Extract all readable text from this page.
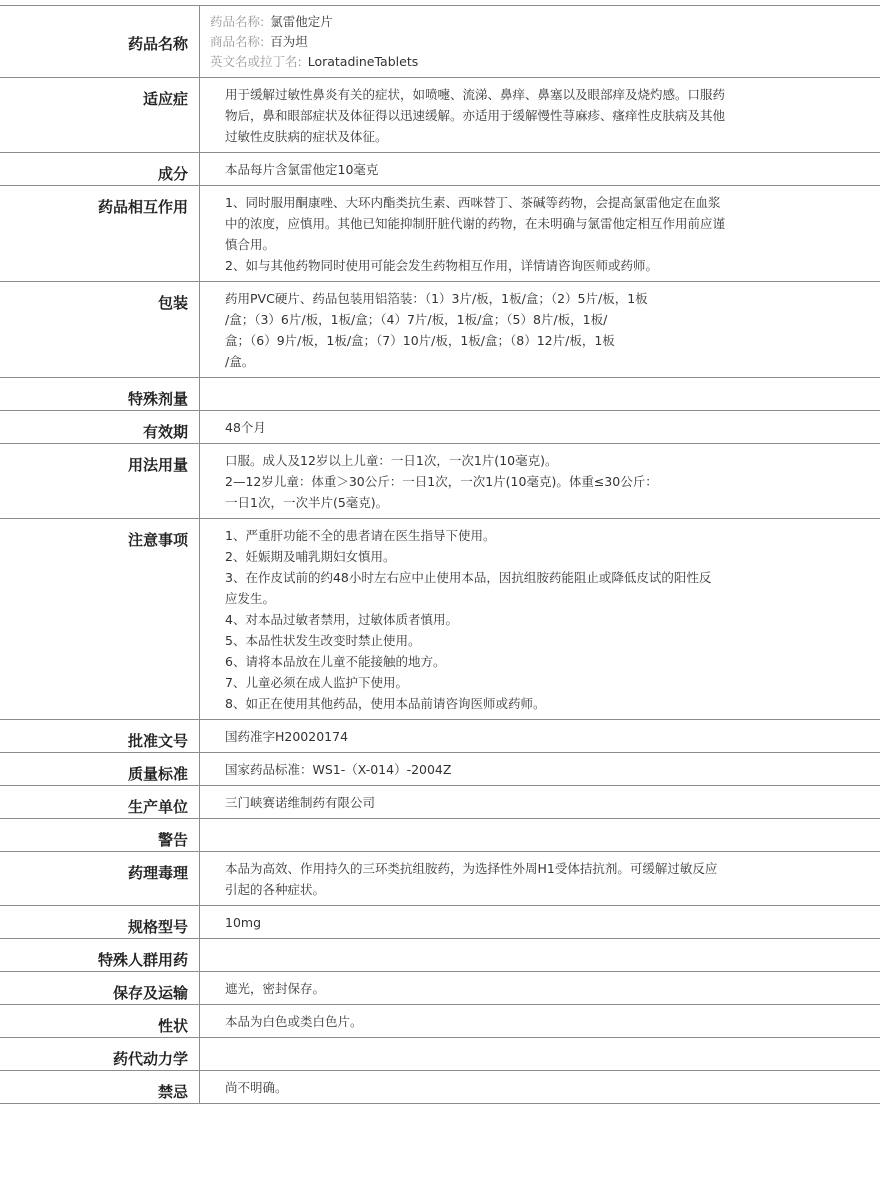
药品名称
药品名称: 氯雷他定片
商品名称: 百为坦
英文名或拉丁名: LoratadineTablets
适应症	用于缓解过敏性鼻炎有关的症状，如喷嚏、流涕、鼻痒、鼻塞以及眼部痒及烧灼感。口服药
物后，鼻和眼部症状及体征得以迅速缓解。亦适用于缓解慢性荨麻疹、瘙痒性皮肤病及其他
过敏性皮肤病的症状及体征。
成分	本品每片含氯雷他定10毫克
药品相互作用	1、同时服用酮康唑、大环内酯类抗生素、西咪替丁、茶碱等药物，会提高氯雷他定在血浆
中的浓度，应慎用。其他已知能抑制肝脏代谢的药物，在未明确与氯雷他定相互作用前应谨
慎合用。
2、如与其他药物同时使用可能会发生药物相互作用，详情请咨询医师或药师。
包装	药用PVC硬片、药品包装用铝箔装：（1）3片/板，1板/盒；（2）5片/板，1板
/盒；（3）6片/板，1板/盒；（4）7片/板，1板/盒；（5）8片/板，1板/
盒；（6）9片/板，1板/盒；（7）10片/板，1板/盒；（8）12片/板，1板
/盒。
特殊剂量
有效期	48个月
用法用量	口服。成人及12岁以上儿童：一日1次，一次1片(10毫克)。
2—12岁儿童：体重＞30公斤：一日1次，一次1片(10毫克)。体重≤30公斤：
一日1次，一次半片(5毫克)。
注意事项	1、严重肝功能不全的患者请在医生指导下使用。
2、妊娠期及哺乳期妇女慎用。
3、在作皮试前的约48小时左右应中止使用本品，因抗组胺药能阻止或降低皮试的阳性反
应发生。
4、对本品过敏者禁用，过敏体质者慎用。
5、本品性状发生改变时禁止使用。
6、请将本品放在儿童不能接触的地方。
7、儿童必须在成人监护下使用。
8、如正在使用其他药品，使用本品前请咨询医师或药师。
批准文号	国药准字H20020174
质量标准	国家药品标准：WS1-（X-014）-2004Z
生产单位	三门峡赛诺维制药有限公司
警告
药理毒理	本品为高效、作用持久的三环类抗组胺药，为选择性外周H1受体拮抗剂。可缓解过敏反应
引起的各种症状。
规格型号	10mg
特殊人群用药
保存及运输	遮光，密封保存。
性状	本品为白色或类白色片。
药代动力学
禁忌	尚不明确。
